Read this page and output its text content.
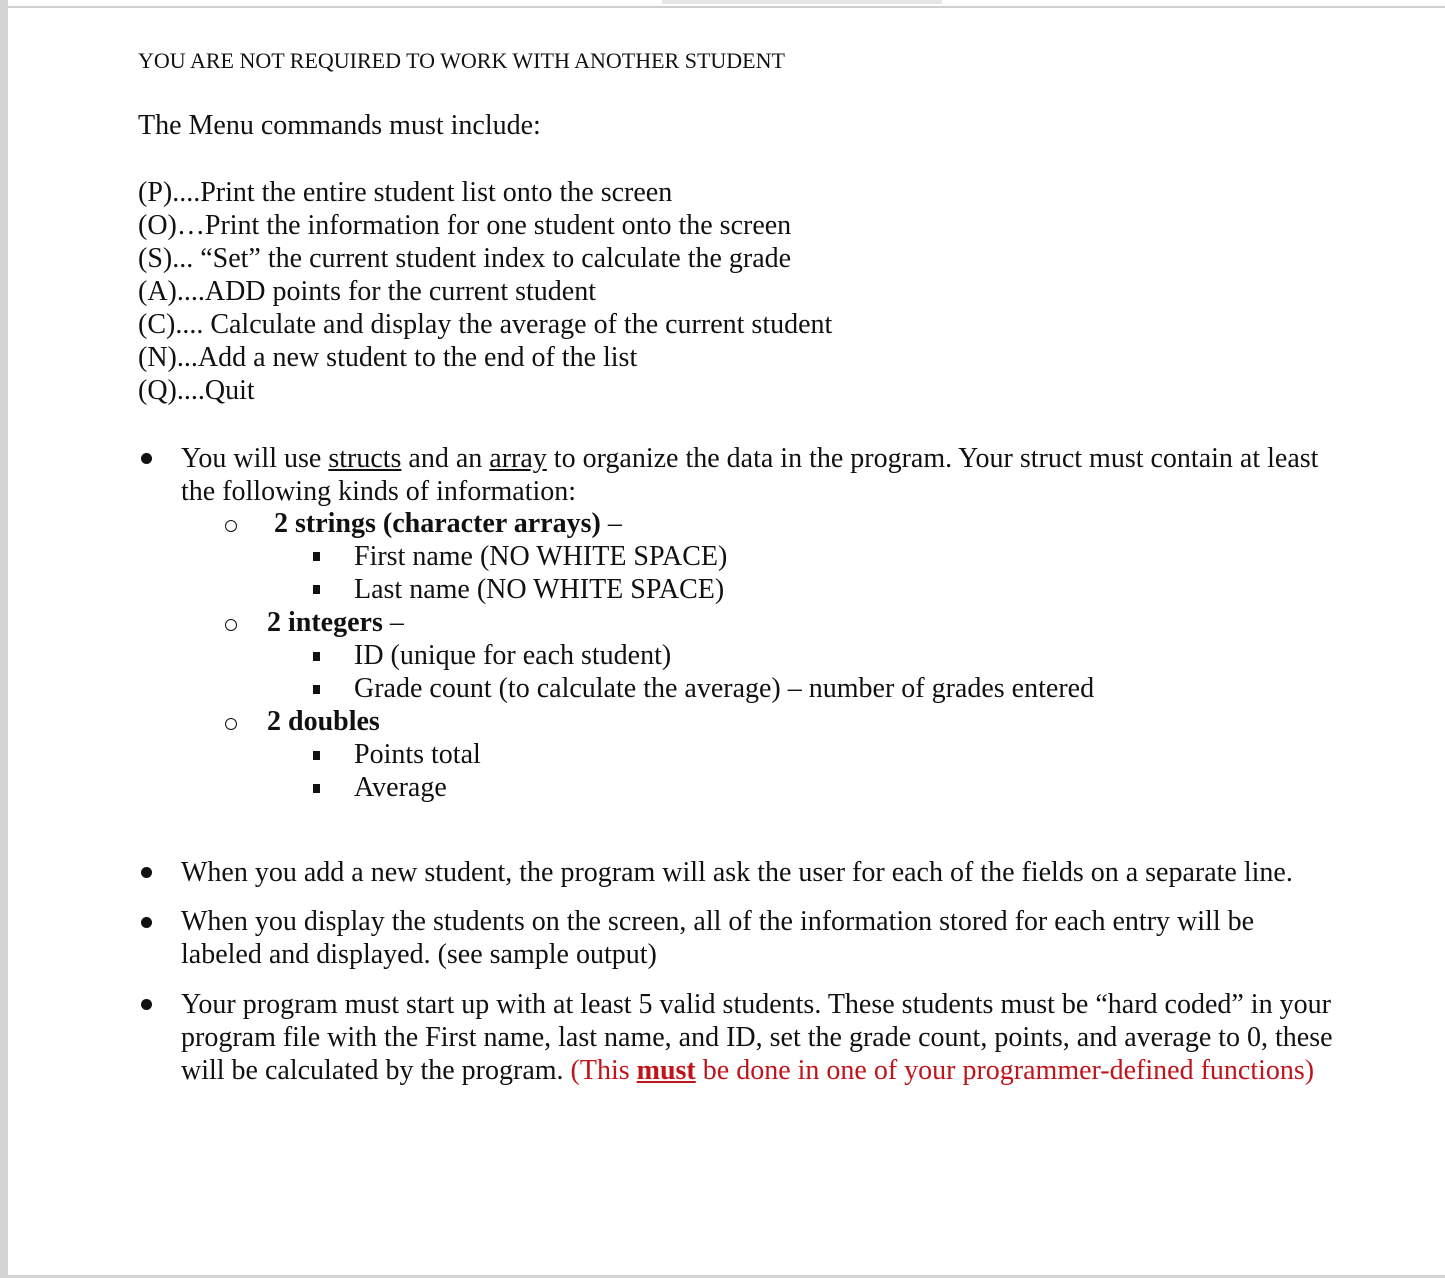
YOU ARE NOT REQUIRED TO WORK WITH ANOTHER STUDENT
The Menu commands must include:
(P)....Print the entire student list onto the screen
(O)…Print the information for one student onto the screen
(S)... “Set” the current student index to calculate the grade
(A)....ADD points for the current student
(C).... Calculate and display the average of the current student
(N)...Add a new student to the end of the list
(Q)....Quit
You will use structs and an array to organize the data in the program. Your struct must contain at least the following kinds of information:
2 strings (character arrays) –
First name (NO WHITE SPACE)
Last name (NO WHITE SPACE)
2 integers –
ID (unique for each student)
Grade count (to calculate the average) – number of grades entered
2 doubles
Points total
Average
When you add a new student, the program will ask the user for each of the fields on a separate line.
When you display the students on the screen, all of the information stored for each entry will be labeled and displayed. (see sample output)
Your program must start up with at least 5 valid students. These students must be “hard coded” in your program file with the First name, last name, and ID, set the grade count, points, and average to 0, these will be calculated by the program. (This must be done in one of your programmer-defined functions)
